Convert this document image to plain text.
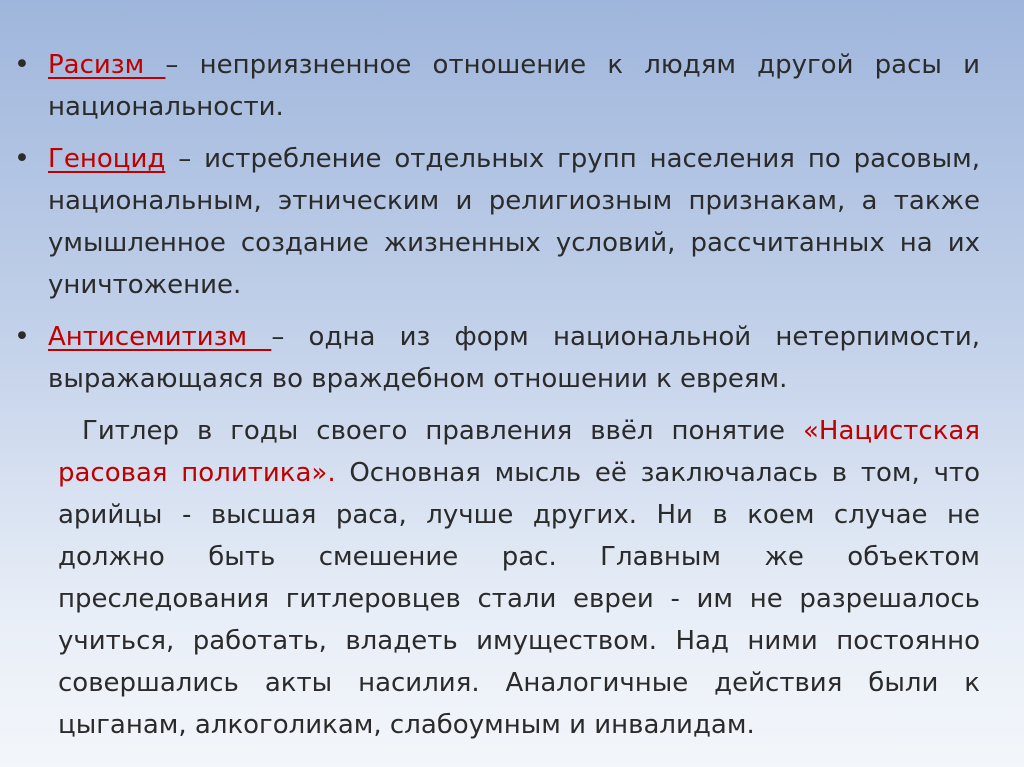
• Расизм – неприязненное отношение к людям другой расы и национальности.
• Геноцид – истребление отдельных групп населения по расовым, национальным, этническим и религиозным признакам, а также умышленное создание жизненных условий, рассчитанных на их уничтожение.
• Антисемитизм – одна из форм национальной нетерпимости, выражающаяся во враждебном отношении к евреям.
Гитлер в годы своего правления ввёл понятие «Нацистская расовая политика». Основная мысль её заключалась в том, что арийцы - высшая раса, лучше других. Ни в коем случае не должно быть смешение рас. Главным же объектом преследования гитлеровцев стали евреи - им не разрешалось учиться, работать, владеть имуществом. Над ними постоянно совершались акты насилия. Аналогичные действия были к цыганам, алкоголикам, слабоумным и инвалидам.
